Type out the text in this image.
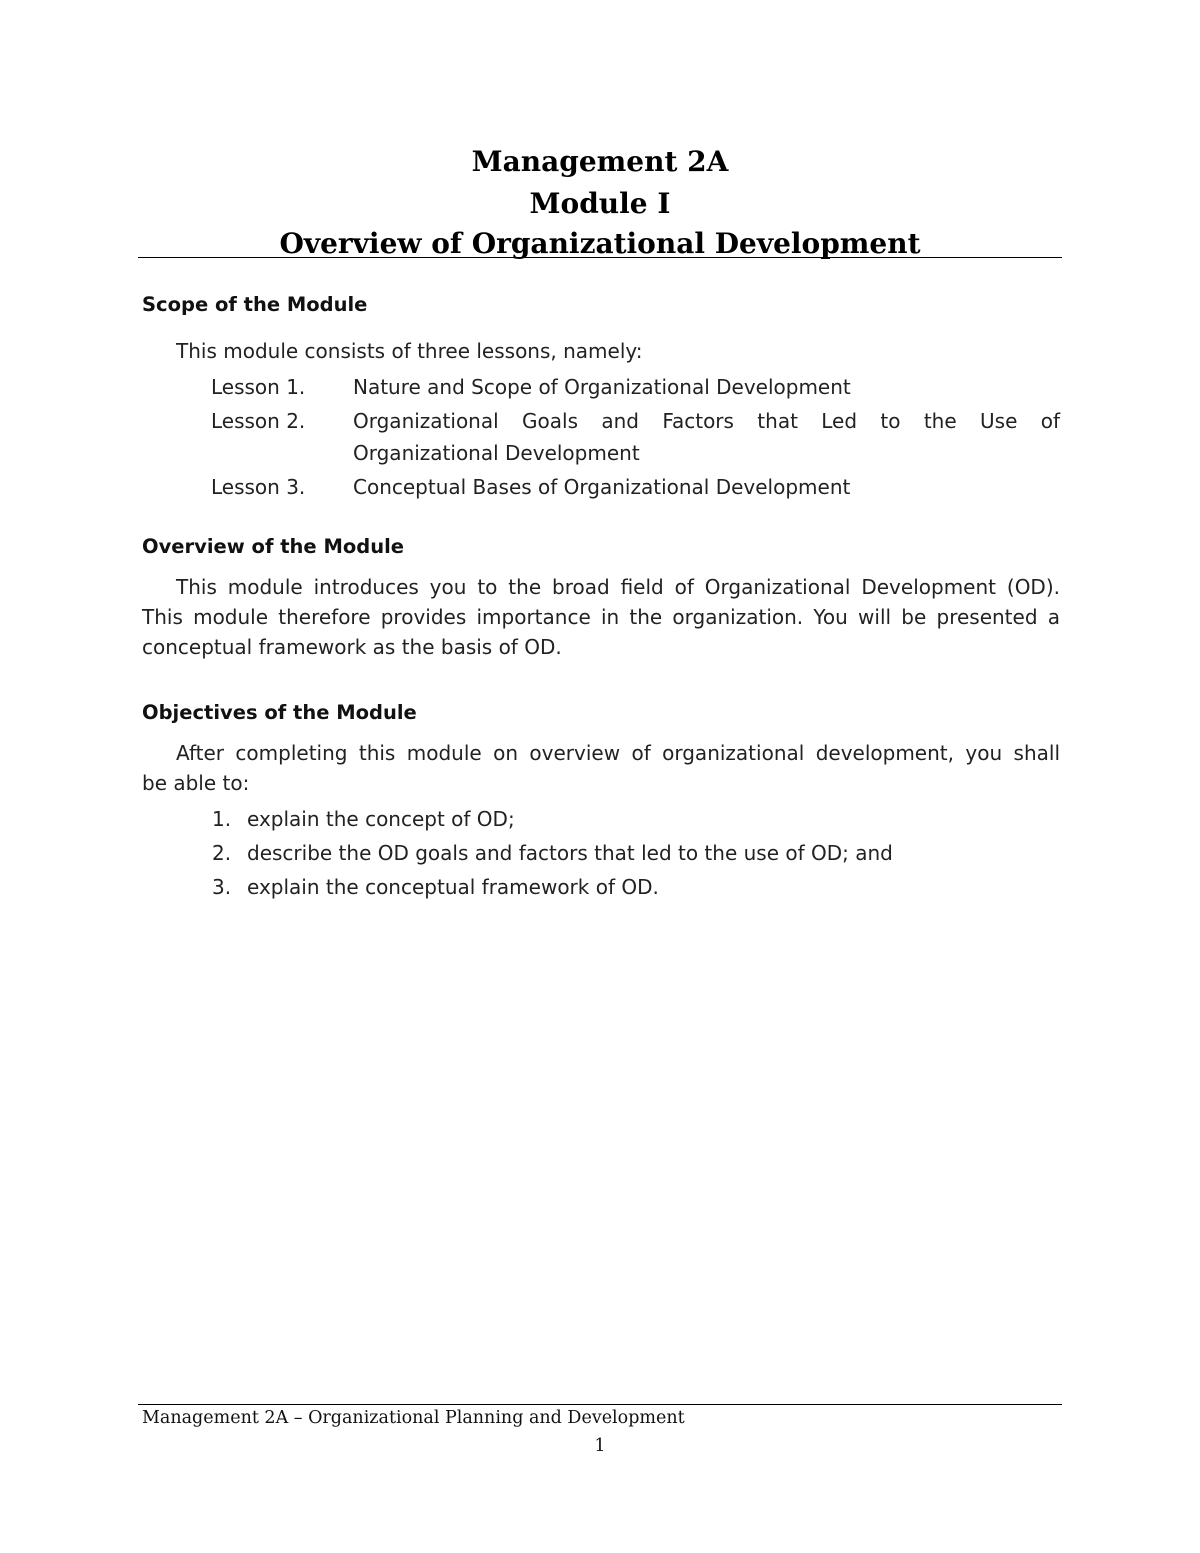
Management 2A

Module I

Overview of Organizational Development

Scope of the Module

This module consists of three lessons, namely:

Lesson 1.	Nature and Scope of Organizational Development
Lesson 2.	Organizational Goals and Factors that Led to the Use of
Organizational Development
Lesson 3.	Conceptual Bases of Organizational Development

Overview of the Module

This module introduces you to the broad field of Organizational Development (OD).

This module therefore provides importance in the organization. You will be presented a

conceptual framework as the basis of OD.

Objectives of the Module

After completing this module on overview of organizational development, you shall

be able to:

1. explain the concept of OD;
2. describe the OD goals and factors that led to the use of OD; and
3. explain the conceptual framework of OD.
Management 2A – Organizational Planning and Development
1
